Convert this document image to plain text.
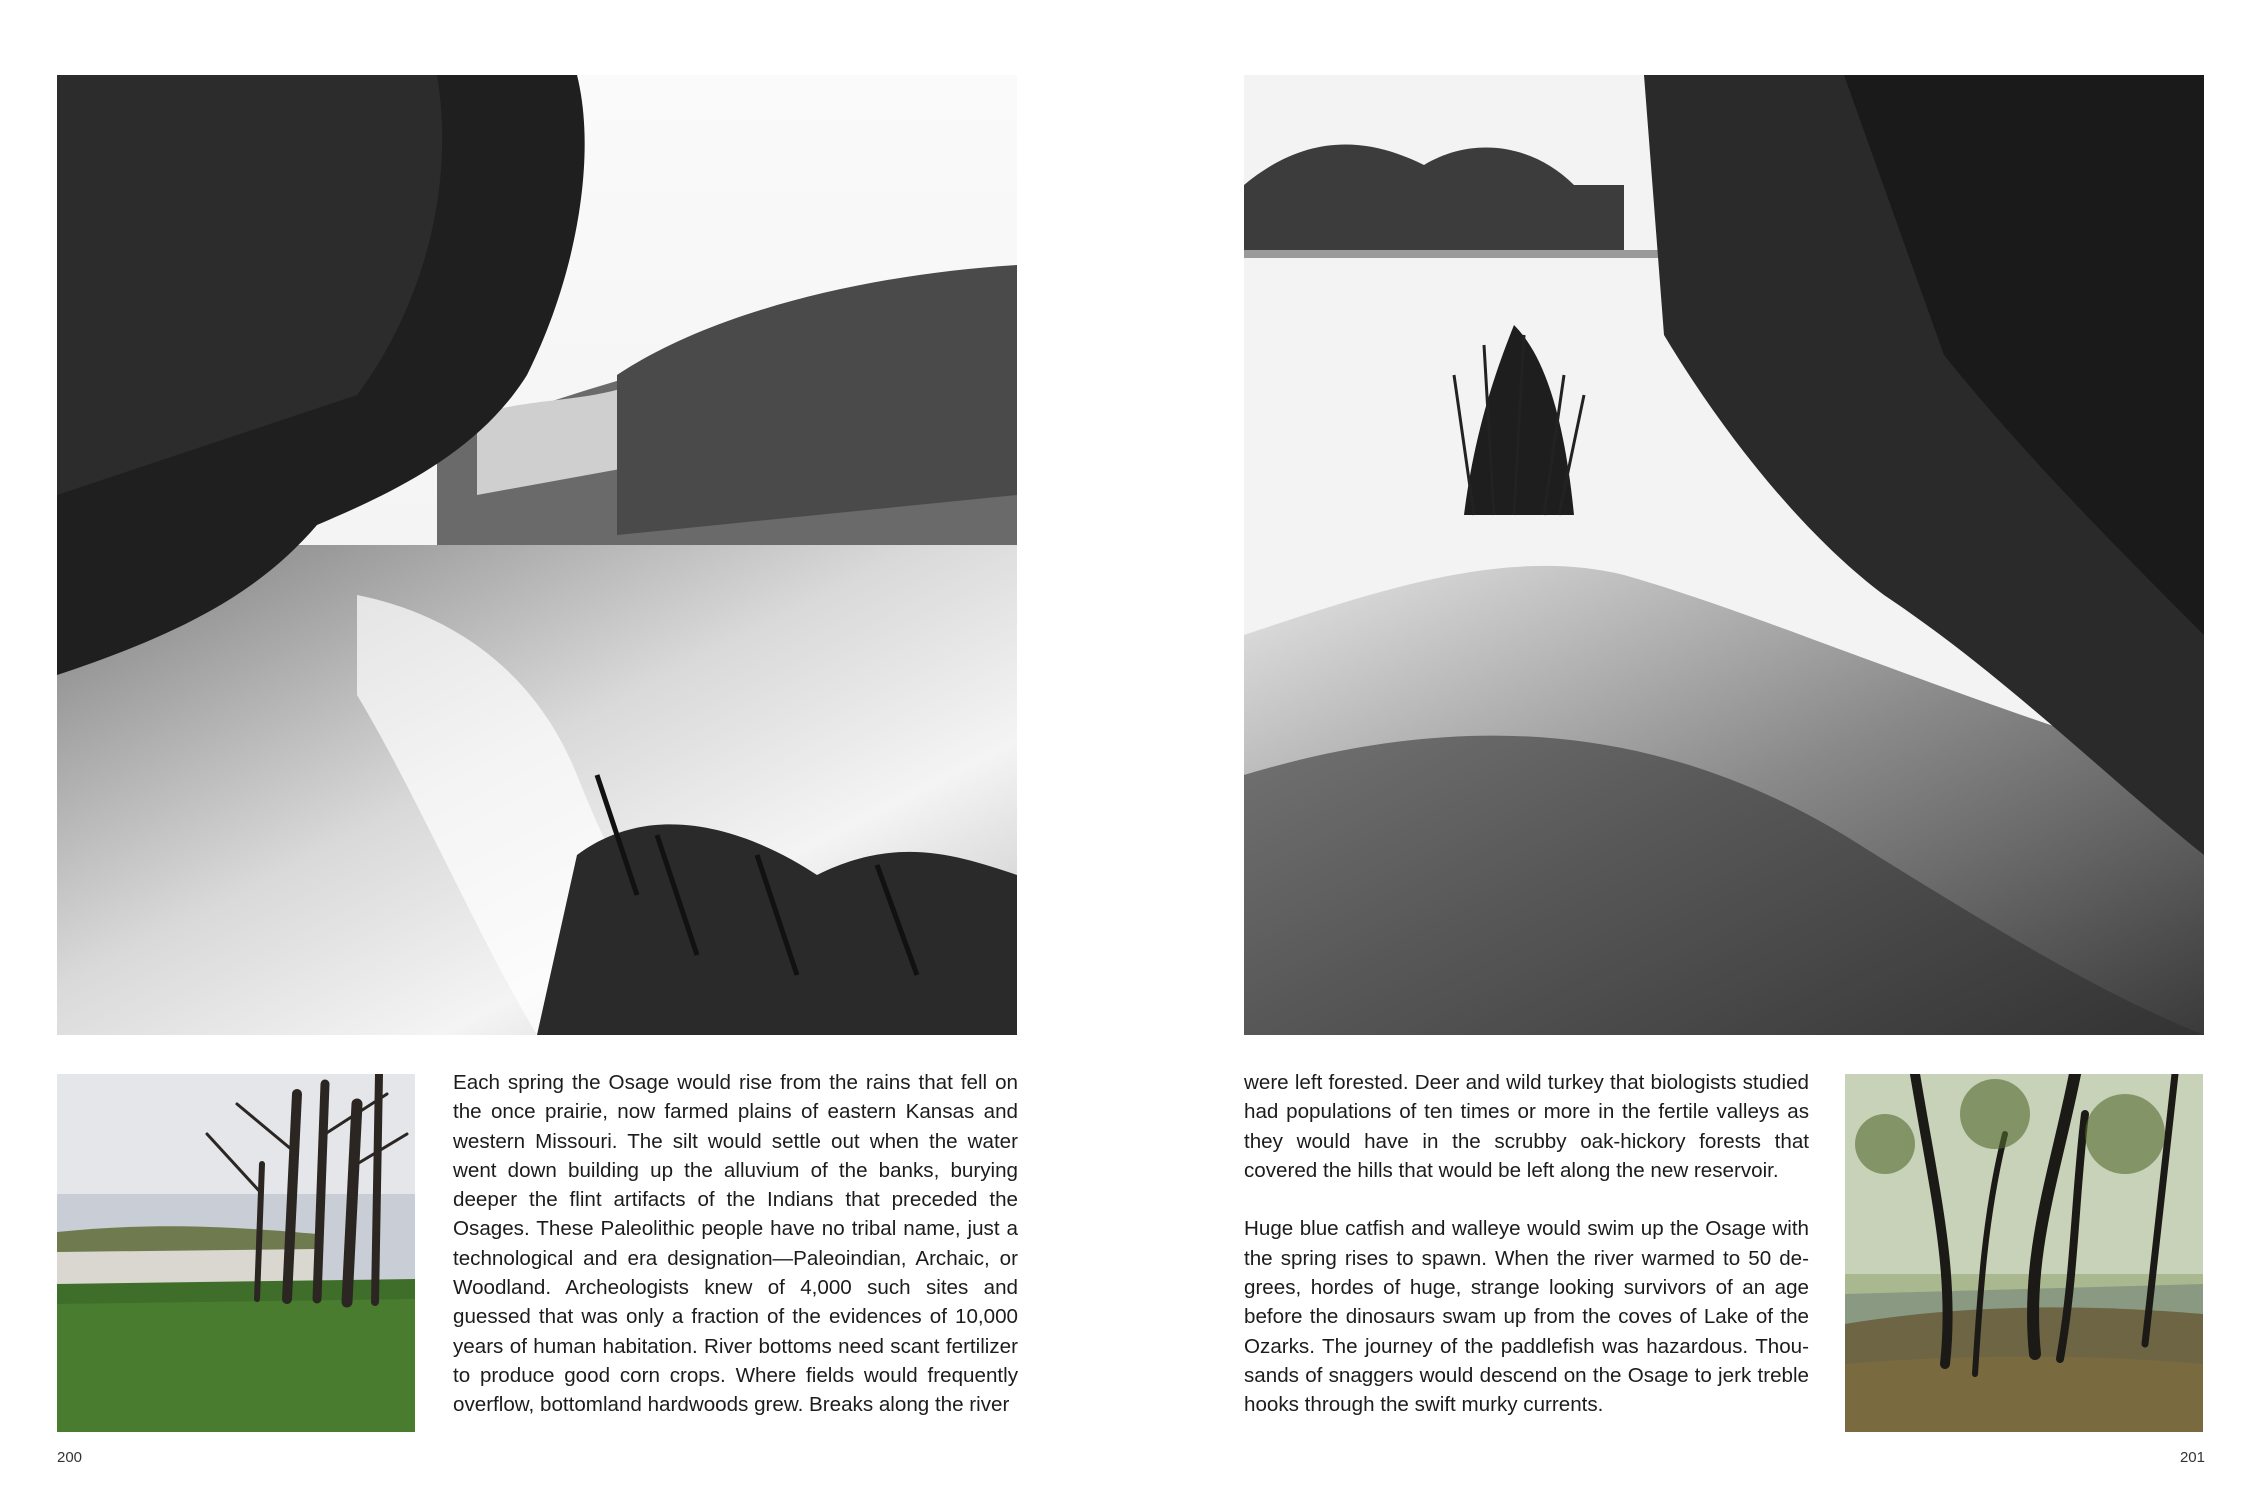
Each spring the Osage would rise from the rains that fell on the once prairie, now farmed plains of eastern Kansas and western Missouri. The silt would settle out when the water went down building up the alluvium of the banks, burying deeper the flint artifacts of the Indians that preceded the Osages. These Paleolithic people have no tribal name, just a technological and era designation—Paleoindian, Archaic, or Woodland. Archeologists knew of 4,000 such sites and guessed that was only a fraction of the evidences of 10,000 years of human habitation. River bottoms need scant fertilizer to produce good corn crops. Where fields would frequently overflow, bottomland hardwoods grew. Breaks along the river

200

were left forested. Deer and wild turkey that biologists studied had populations of ten times or more in the fertile valleys as they would have in the scrubby oak-hickory forests that covered the hills that would be left along the new reservoir.

Huge blue catfish and walleye would swim up the Osage with the spring rises to spawn. When the river warmed to 50 degrees, hordes of huge, strange looking survivors of an age before the dinosaurs swam up from the coves of Lake of the Ozarks. The journey of the paddlefish was hazardous. Thousands of snaggers would descend on the Osage to jerk treble hooks through the swift murky currents.

201
